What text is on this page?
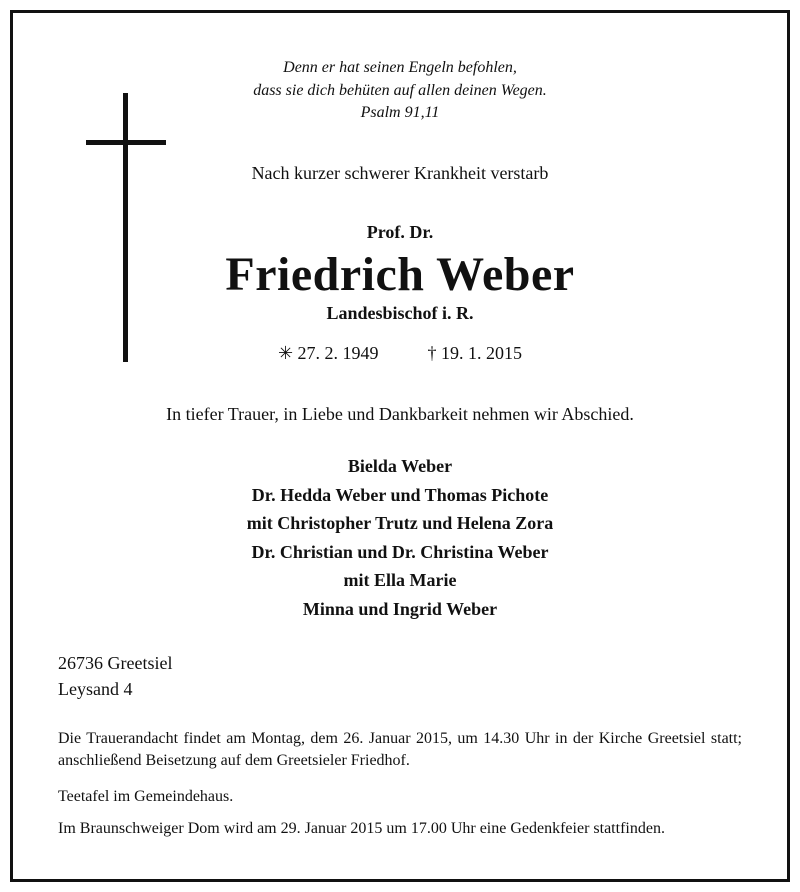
Denn er hat seinen Engeln befohlen,
dass sie dich behüten auf allen deinen Wegen.
Psalm 91,11
Nach kurzer schwerer Krankheit verstarb
Prof. Dr.
Friedrich Weber
Landesbischof i. R.
✳ 27. 2. 1949	† 19. 1. 2015
In tiefer Trauer, in Liebe und Dankbarkeit nehmen wir Abschied.
Bielda Weber
Dr. Hedda Weber und Thomas Pichote
mit Christopher Trutz und Helena Zora
Dr. Christian und Dr. Christina Weber
mit Ella Marie
Minna und Ingrid Weber
26736 Greetsiel
Leysand 4
Die Trauerandacht findet am Montag, dem 26. Januar 2015, um 14.30 Uhr in der Kirche Greetsiel statt; anschließend Beisetzung auf dem Greetsieler Friedhof.
Teetafel im Gemeindehaus.
Im Braunschweiger Dom wird am 29. Januar 2015 um 17.00 Uhr eine Gedenkfeier stattfinden.
